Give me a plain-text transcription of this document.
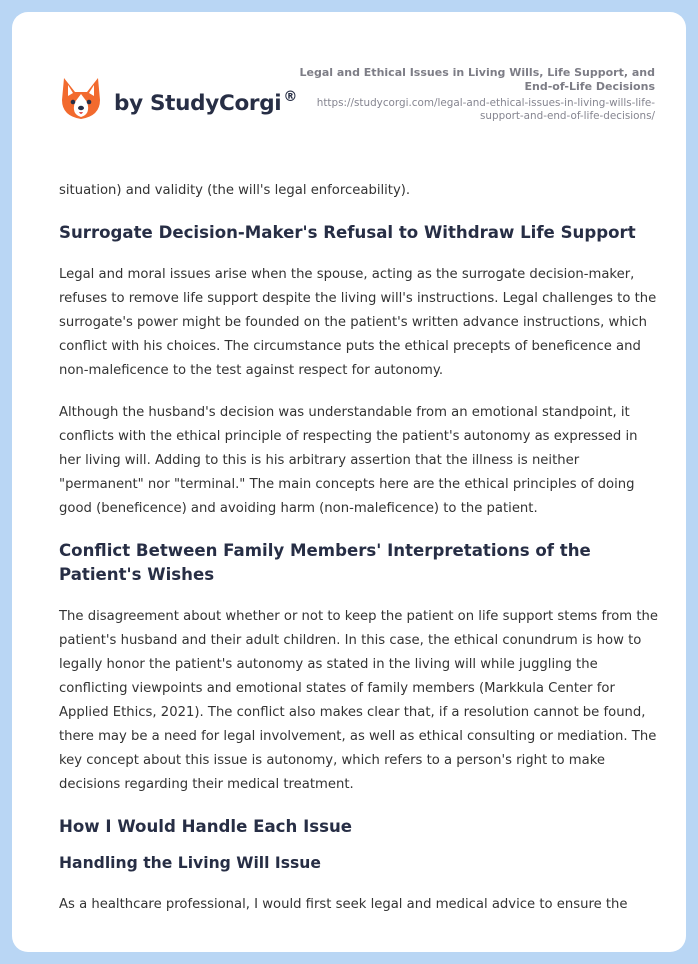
by StudyCorgi ®
Legal and Ethical Issues in Living Wills, Life Support, and End-of-Life Decisions
https://studycorgi.com/legal-and-ethical-issues-in-living-wills-life-support-and-end-of-life-decisions/

situation) and validity (the will's legal enforceability).

Surrogate Decision-Maker's Refusal to Withdraw Life Support

Legal and moral issues arise when the spouse, acting as the surrogate decision-maker, refuses to remove life support despite the living will's instructions. Legal challenges to the surrogate's power might be founded on the patient's written advance instructions, which conflict with his choices. The circumstance puts the ethical precepts of beneficence and non-maleficence to the test against respect for autonomy.

Although the husband's decision was understandable from an emotional standpoint, it conflicts with the ethical principle of respecting the patient's autonomy as expressed in her living will. Adding to this is his arbitrary assertion that the illness is neither "permanent" nor "terminal." The main concepts here are the ethical principles of doing good (beneficence) and avoiding harm (non-maleficence) to the patient.

Conflict Between Family Members' Interpretations of the Patient's Wishes

The disagreement about whether or not to keep the patient on life support stems from the patient's husband and their adult children. In this case, the ethical conundrum is how to legally honor the patient's autonomy as stated in the living will while juggling the conflicting viewpoints and emotional states of family members (Markkula Center for Applied Ethics, 2021). The conflict also makes clear that, if a resolution cannot be found, there may be a need for legal involvement, as well as ethical consulting or mediation. The key concept about this issue is autonomy, which refers to a person's right to make decisions regarding their medical treatment.

How I Would Handle Each Issue
Handling the Living Will Issue

As a healthcare professional, I would first seek legal and medical advice to ensure the
